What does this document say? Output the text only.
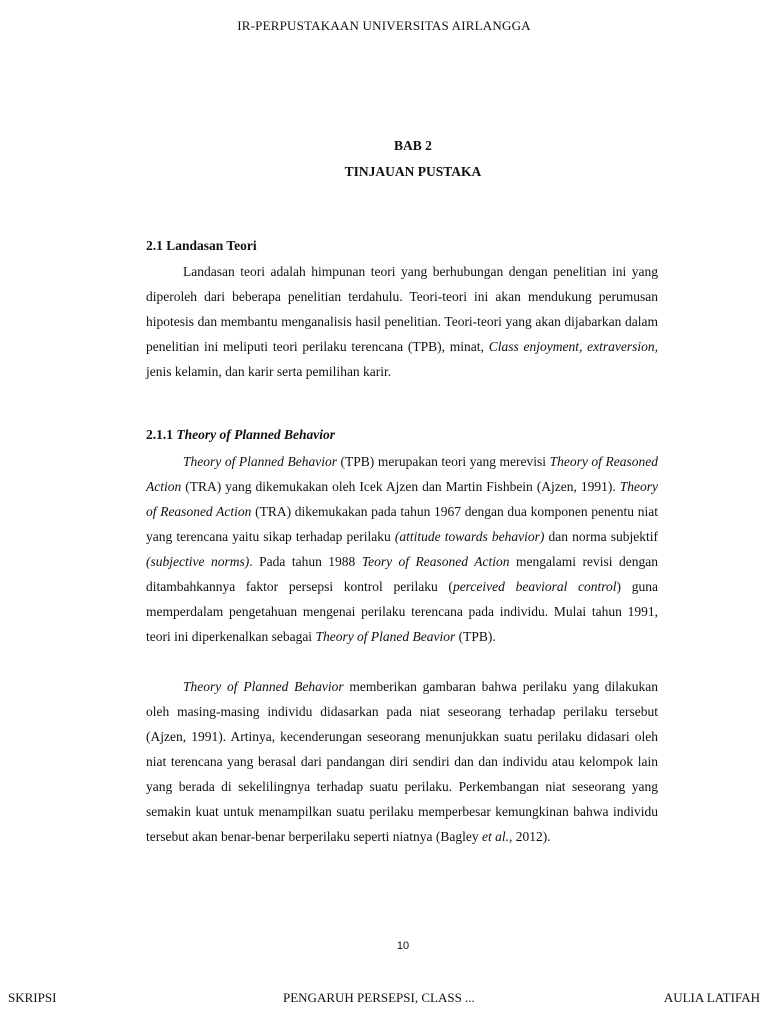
IR-PERPUSTAKAAN UNIVERSITAS AIRLANGGA
BAB 2
TINJAUAN PUSTAKA
2.1 Landasan Teori

Landasan teori adalah himpunan teori yang berhubungan dengan penelitian ini yang diperoleh dari beberapa penelitian terdahulu. Teori-teori ini akan mendukung perumusan hipotesis dan membantu menganalisis hasil penelitian. Teori-teori yang akan dijabarkan dalam penelitian ini meliputi teori perilaku terencana (TPB), minat, Class enjoyment, extraversion, jenis kelamin, dan karir serta pemilihan karir.

2.1.1 Theory of Planned Behavior

Theory of Planned Behavior (TPB) merupakan teori yang merevisi Theory of Reasoned Action (TRA) yang dikemukakan oleh Icek Ajzen dan Martin Fishbein (Ajzen, 1991). Theory of Reasoned Action (TRA) dikemukakan pada tahun 1967 dengan dua komponen penentu niat yang terencana yaitu sikap terhadap perilaku (attitude towards behavior) dan norma subjektif (subjective norms). Pada tahun 1988 Teory of Reasoned Action mengalami revisi dengan ditambahkannya faktor persepsi kontrol perilaku (perceived beavioral control) guna memperdalam pengetahuan mengenai perilaku terencana pada individu. Mulai tahun 1991, teori ini diperkenalkan sebagai Theory of Planed Beavior (TPB).

Theory of Planned Behavior memberikan gambaran bahwa perilaku yang dilakukan oleh masing-masing individu didasarkan pada niat seseorang terhadap perilaku tersebut (Ajzen, 1991). Artinya, kecenderungan seseorang menunjukkan suatu perilaku didasari oleh niat terencana yang berasal dari pandangan diri sendiri dan dan individu atau kelompok lain yang berada di sekelilingnya terhadap suatu perilaku. Perkembangan niat seseorang yang semakin kuat untuk menampilkan suatu perilaku memperbesar kemungkinan bahwa individu tersebut akan benar-benar berperilaku seperti niatnya (Bagley et al., 2012).

10
SKRIPSI	PENGARUH PERSEPSI, CLASS ...	AULIA LATIFAH
